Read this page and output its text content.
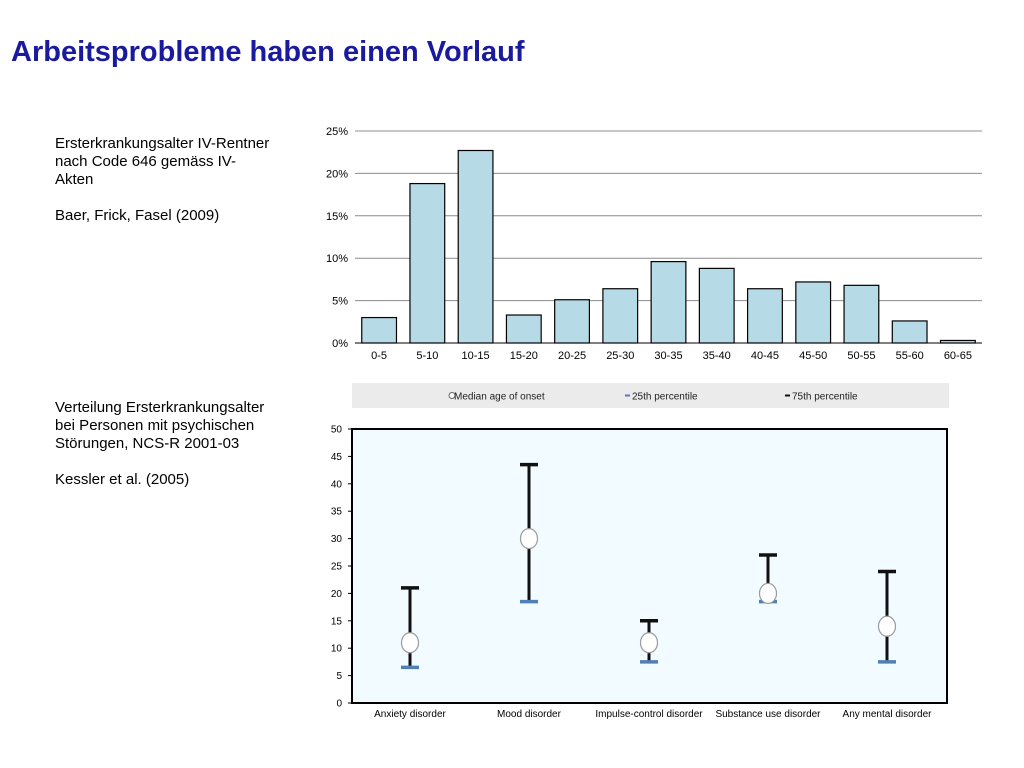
Arbeitsprobleme haben einen Vorlauf

Ersterkrankungsalter IV-Rentner

nach Code 646 gemäss IV-

Akten

Baer, Frick, Fasel (2009)

Verteilung Ersterkrankungsalter

bei Personen mit psychischen

Störungen, NCS-R 2001-03

Kessler et al. (2005)

0%
5%
10%
15%
20%
25%
0-5	5-10 10-15 15-20 20-25 25-30 30-35 35-40 40-45 45-50 50-55 55-60 60-65
Median age of onset	25th percentile	75th percentile
0
5
10
15
20
25
30
35
40
45
50
Anxiety disorder	Mood disorder	Impulse-control disorder Substance use disorder Any mental disorder
